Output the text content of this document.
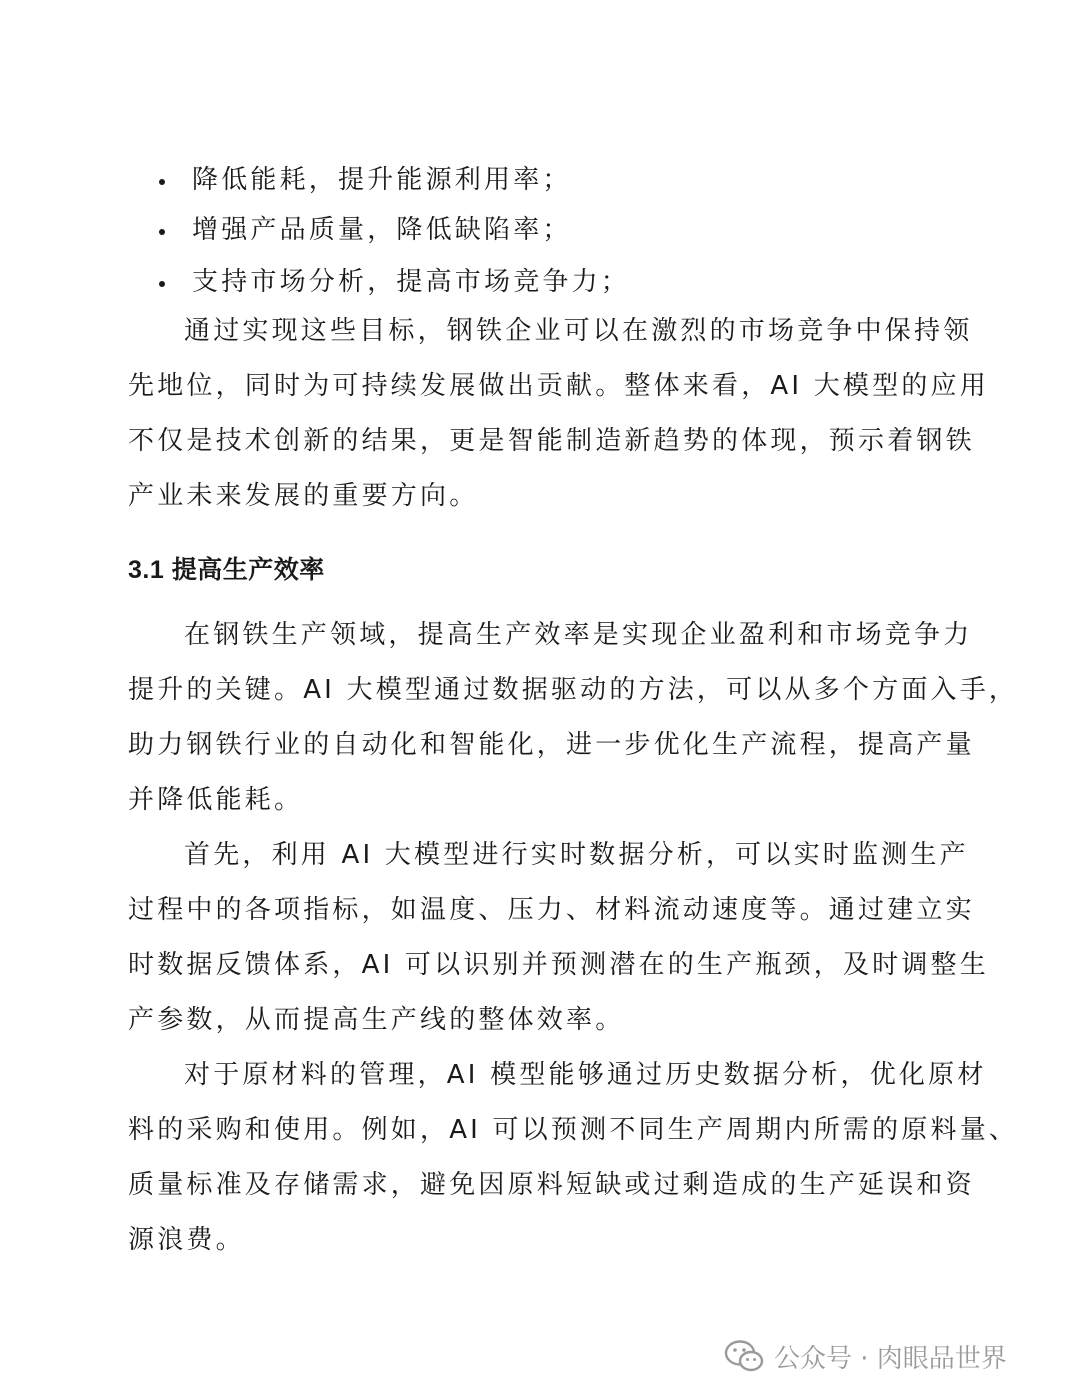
降低能耗，提升能源利用率；
增强产品质量，降低缺陷率；
支持市场分析，提高市场竞争力；
通过实现这些目标，钢铁企业可以在激烈的市场竞争中保持领
先地位，同时为可持续发展做出贡献。整体来看，AI 大模型的应用
不仅是技术创新的结果，更是智能制造新趋势的体现，预示着钢铁
产业未来发展的重要方向。
3.1 提高生产效率
在钢铁生产领域，提高生产效率是实现企业盈利和市场竞争力
提升的关键。AI 大模型通过数据驱动的方法，可以从多个方面入手，
助力钢铁行业的自动化和智能化，进一步优化生产流程，提高产量
并降低能耗。
首先，利用 AI 大模型进行实时数据分析，可以实时监测生产
过程中的各项指标，如温度、压力、材料流动速度等。通过建立实
时数据反馈体系，AI 可以识别并预测潜在的生产瓶颈，及时调整生
产参数，从而提高生产线的整体效率。
对于原材料的管理，AI 模型能够通过历史数据分析，优化原材
料的采购和使用。例如，AI 可以预测不同生产周期内所需的原料量、
质量标准及存储需求，避免因原料短缺或过剩造成的生产延误和资
源浪费。
公众号 · 肉眼品世界
